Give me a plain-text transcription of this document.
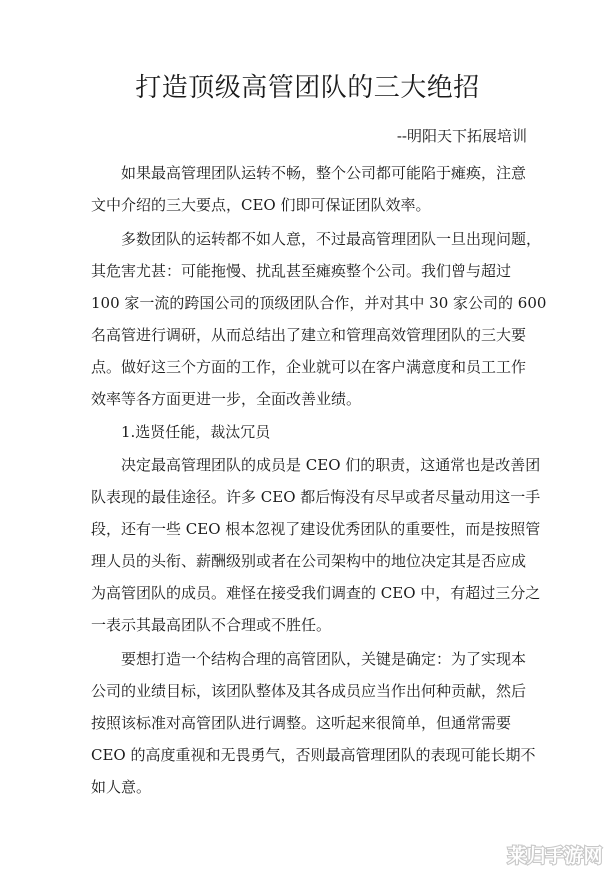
打造顶级高管团队的三大绝招
--明阳天下拓展培训
如果最高管理团队运转不畅，整个公司都可能陷于瘫痪，注意
文中介绍的三大要点，CEO 们即可保证团队效率。
多数团队的运转都不如人意，不过最高管理团队一旦出现问题，
其危害尤甚：可能拖慢、扰乱甚至瘫痪整个公司。我们曾与超过
100 家一流的跨国公司的顶级团队合作，并对其中 30 家公司的 600
名高管进行调研，从而总结出了建立和管理高效管理团队的三大要
点。做好这三个方面的工作，企业就可以在客户满意度和员工工作
效率等各方面更进一步，全面改善业绩。
1.选贤任能，裁汰冗员
决定最高管理团队的成员是 CEO 们的职责，这通常也是改善团
队表现的最佳途径。许多 CEO 都后悔没有尽早或者尽量动用这一手
段，还有一些 CEO 根本忽视了建设优秀团队的重要性，而是按照管
理人员的头衔、薪酬级别或者在公司架构中的地位决定其是否应成
为高管团队的成员。难怪在接受我们调查的 CEO 中，有超过三分之
一表示其最高团队不合理或不胜任。
要想打造一个结构合理的高管团队，关键是确定：为了实现本
公司的业绩目标，该团队整体及其各成员应当作出何种贡献，然后
按照该标准对高管团队进行调整。这听起来很简单，但通常需要
CEO 的高度重视和无畏勇气，否则最高管理团队的表现可能长期不
如人意。
莱归手游网
